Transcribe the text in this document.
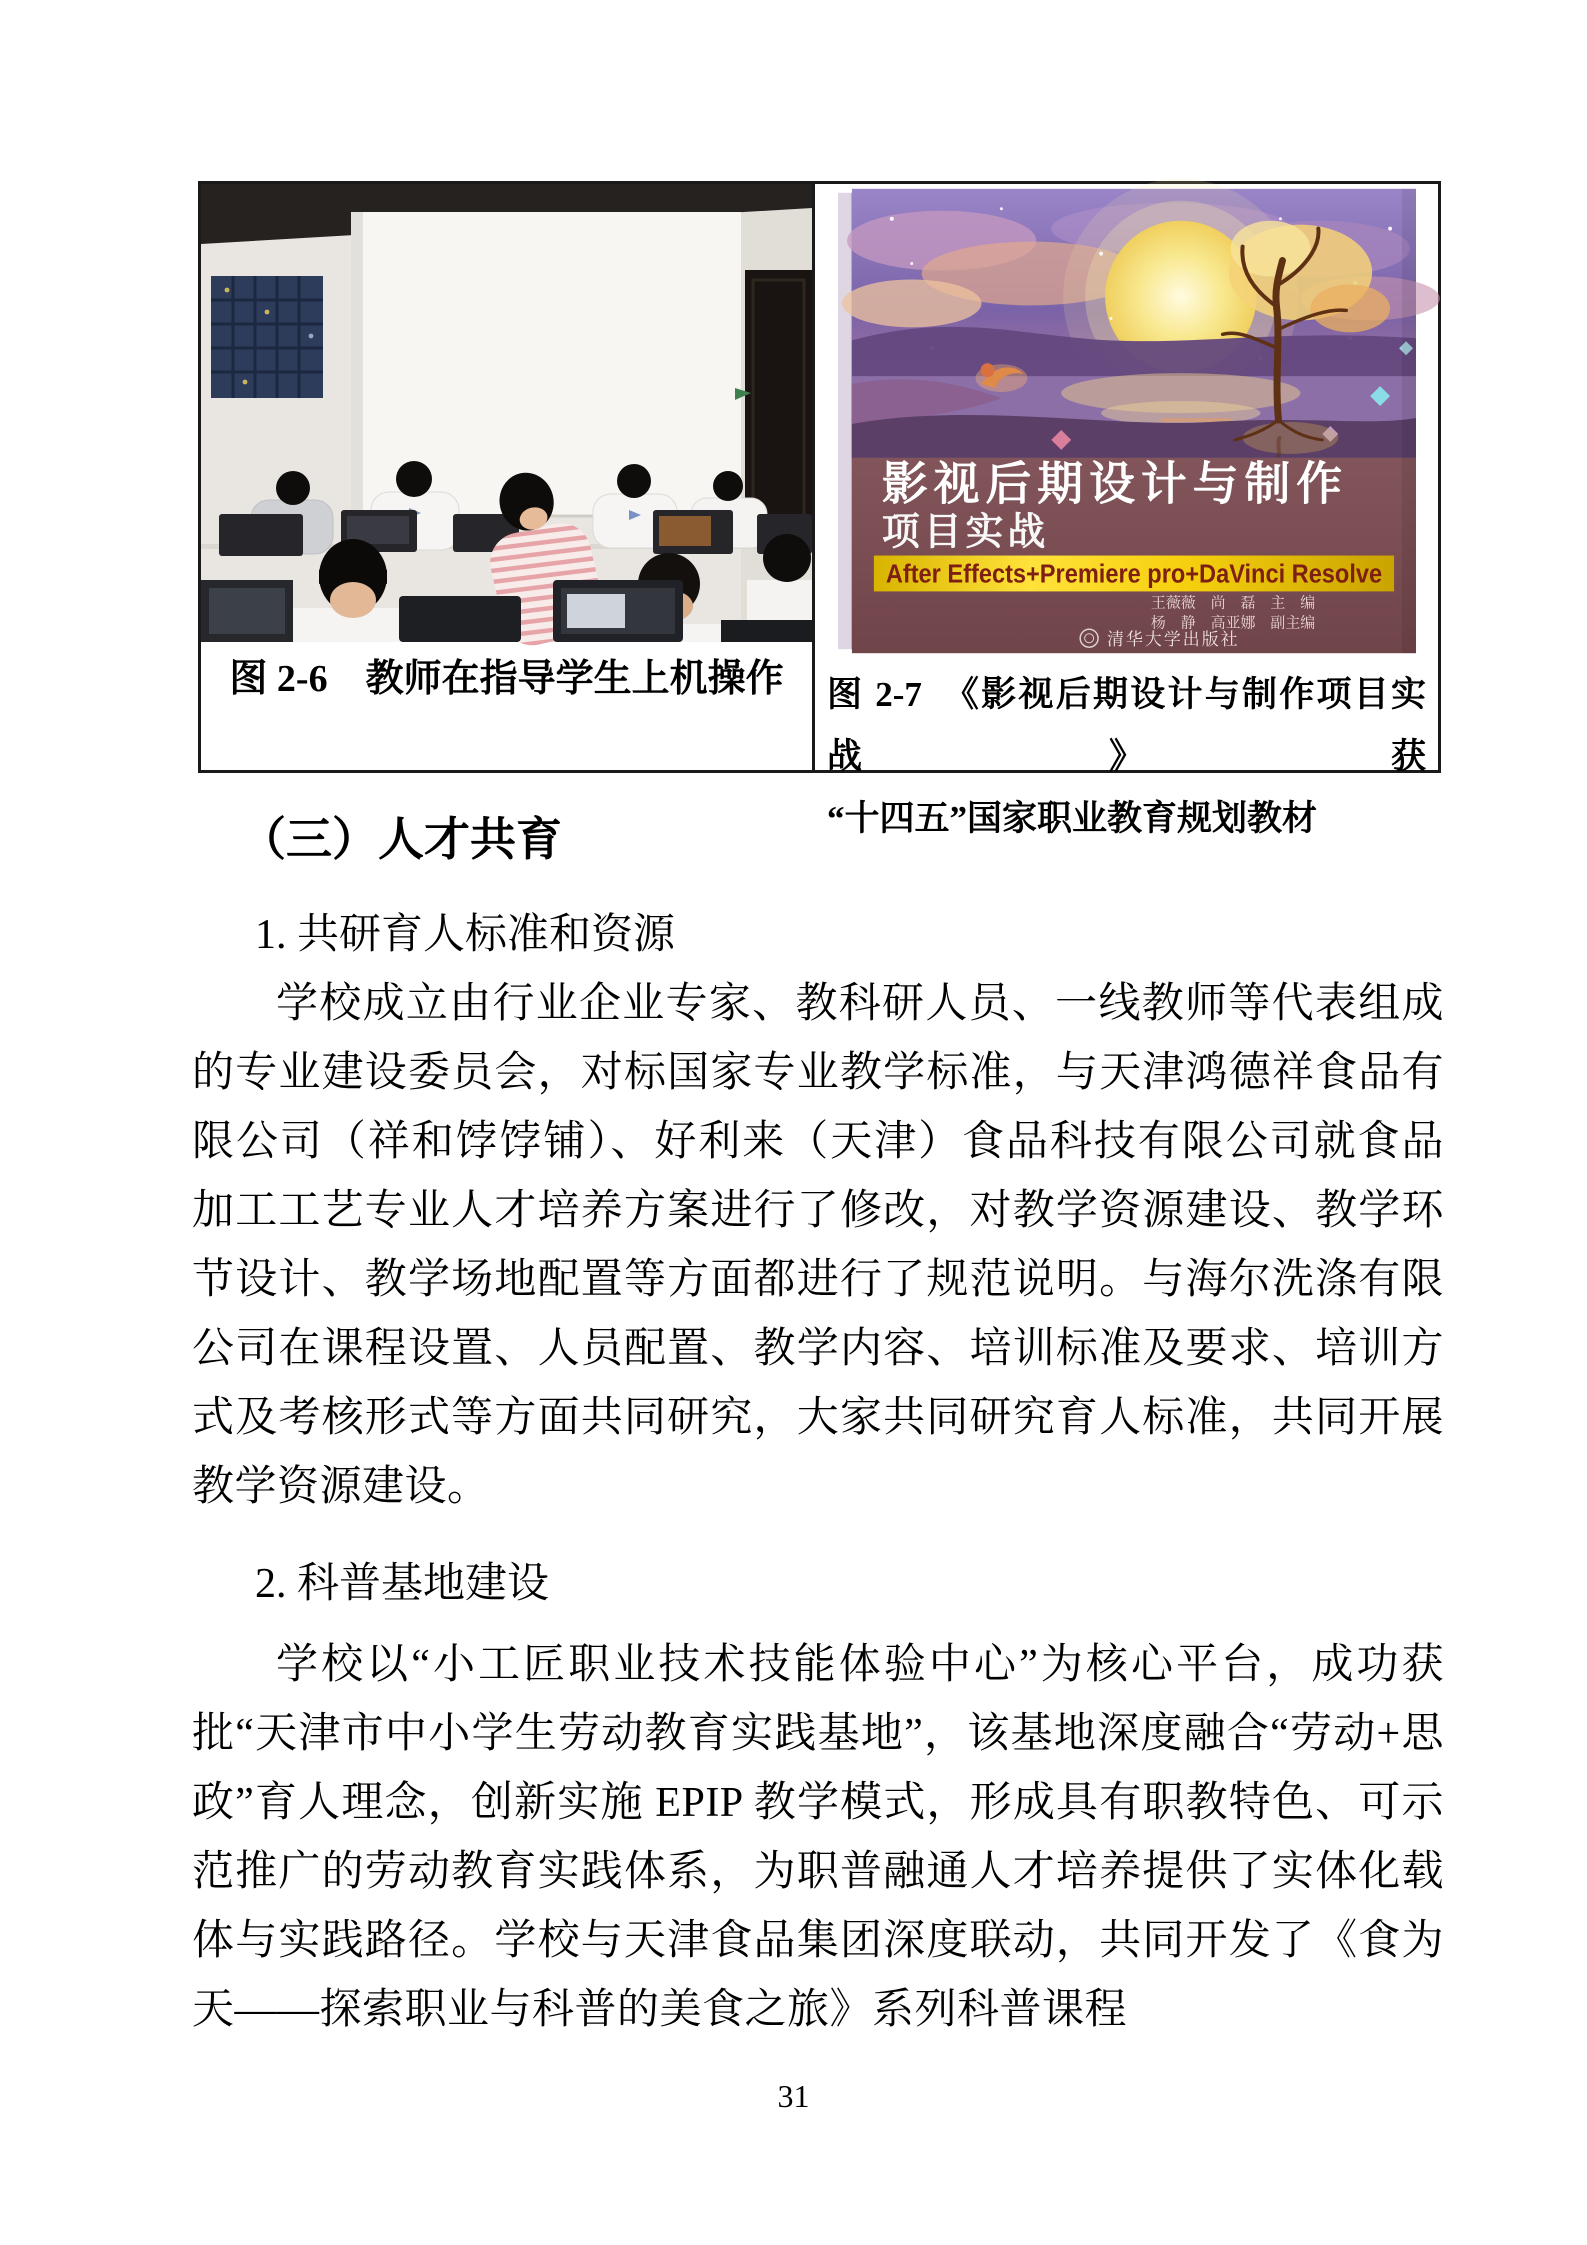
图 2-6　教师在指导学生上机操作
影视后期设计与制作
项目实战
After Effects+Premiere pro+DaVinci Resolve
王薇薇　尚　磊　主　编
杨　静　高亚娜　副主编
清华大学出版社
图 2-7　《影视后期设计与制作项目实战》获
“十四五”国家职业教育规划教材
（三）人才共育
1. 共研育人标准和资源

学校成立由行业企业专家、教科研人员、一线教师等代表组成的专业建设委员会，对标国家专业教学标准，与天津鸿德祥食品有限公司（祥和饽饽铺）、好利来（天津）食品科技有限公司就食品加工工艺专业人才培养方案进行了修改，对教学资源建设、教学环节设计、教学场地配置等方面都进行了规范说明。与海尔洗涤有限公司在课程设置、人员配置、教学内容、培训标准及要求、培训方式及考核形式等方面共同研究，大家共同研究育人标准，共同开展教学资源建设。

2. 科普基地建设

学校以“小工匠职业技术技能体验中心”为核心平台，成功获批“天津市中小学生劳动教育实践基地”，该基地深度融合“劳动+思政”育人理念，创新实施 EPIP 教学模式，形成具有职教特色、可示范推广的劳动教育实践体系，为职普融通人才培养提供了实体化载体与实践路径。学校与天津食品集团深度联动，共同开发了《食为天——探索职业与科普的美食之旅》系列科普课程

31
